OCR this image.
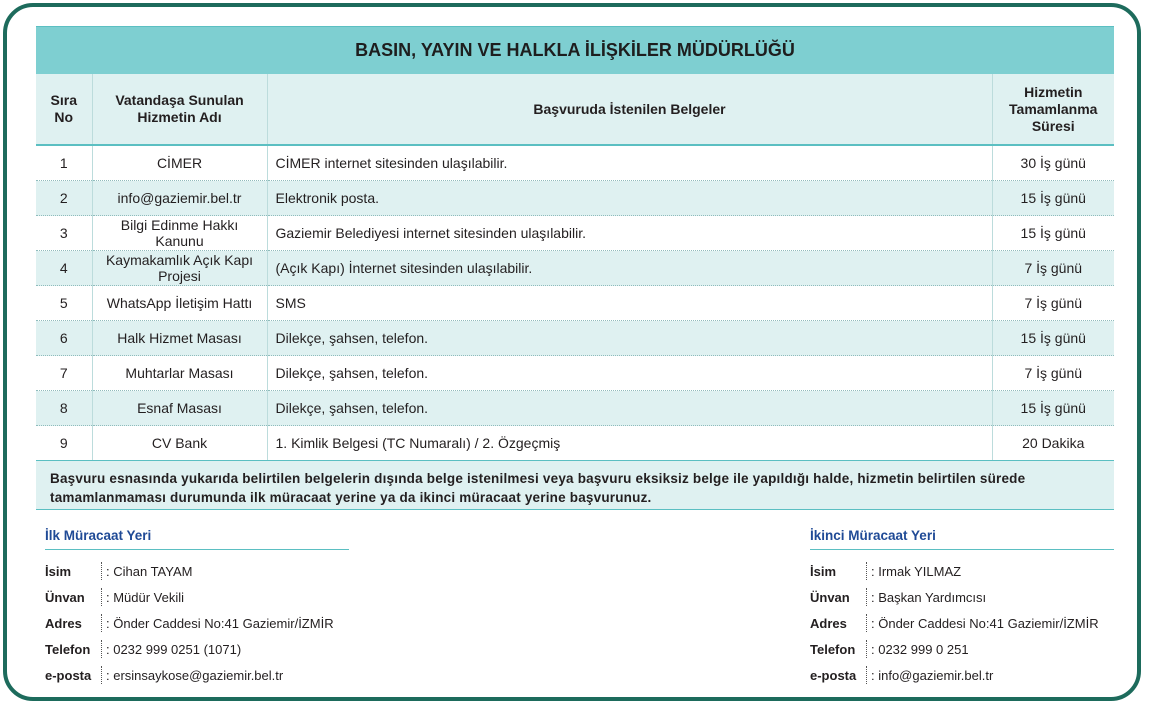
BASIN, YAYIN VE HALKLA İLİŞKİLER MÜDÜRLÜĞÜ
Sıra No	Vatandaşa Sunulan Hizmetin Adı	Başvuruda İstenilen Belgeler	Hizmetin Tamamlanma Süresi
1	CİMER	CİMER internet sitesinden ulaşılabilir.	30 İş günü
2	info@gaziemir.bel.tr	Elektronik posta.	15 İş günü
3	Bilgi Edinme Hakkı Kanunu	Gaziemir Belediyesi internet sitesinden ulaşılabilir.	15 İş günü
4	Kaymakamlık Açık Kapı Projesi	(Açık Kapı) İnternet sitesinden ulaşılabilir.	7 İş günü
5	WhatsApp İletişim Hattı	SMS	7 İş günü
6	Halk Hizmet Masası	Dilekçe, şahsen, telefon.	15 İş günü
7	Muhtarlar Masası	Dilekçe, şahsen, telefon.	7 İş günü
8	Esnaf Masası	Dilekçe, şahsen, telefon.	15 İş günü
9	CV Bank	1. Kimlik Belgesi (TC Numaralı) / 2. Özgeçmiş	20 Dakika
Başvuru esnasında yukarıda belirtilen belgelerin dışında belge istenilmesi veya başvuru eksiksiz belge ile yapıldığı halde, hizmetin belirtilen sürede tamamlanmaması durumunda ilk müracaat yerine ya da ikinci müracaat yerine başvurunuz.
İlk Müracaat Yeri
İsim	: Cihan TAYAM
Ünvan	: Müdür Vekili
Adres	: Önder Caddesi No:41 Gaziemir/İZMİR
Telefon	: 0232 999 0251 (1071)
e-posta	: ersinsaykose@gaziemir.bel.tr
İkinci Müracaat Yeri
İsim	: Irmak YILMAZ
Ünvan	: Başkan Yardımcısı
Adres	: Önder Caddesi No:41 Gaziemir/İZMİR
Telefon	: 0232 999 0 251
e-posta	: info@gaziemir.bel.tr
